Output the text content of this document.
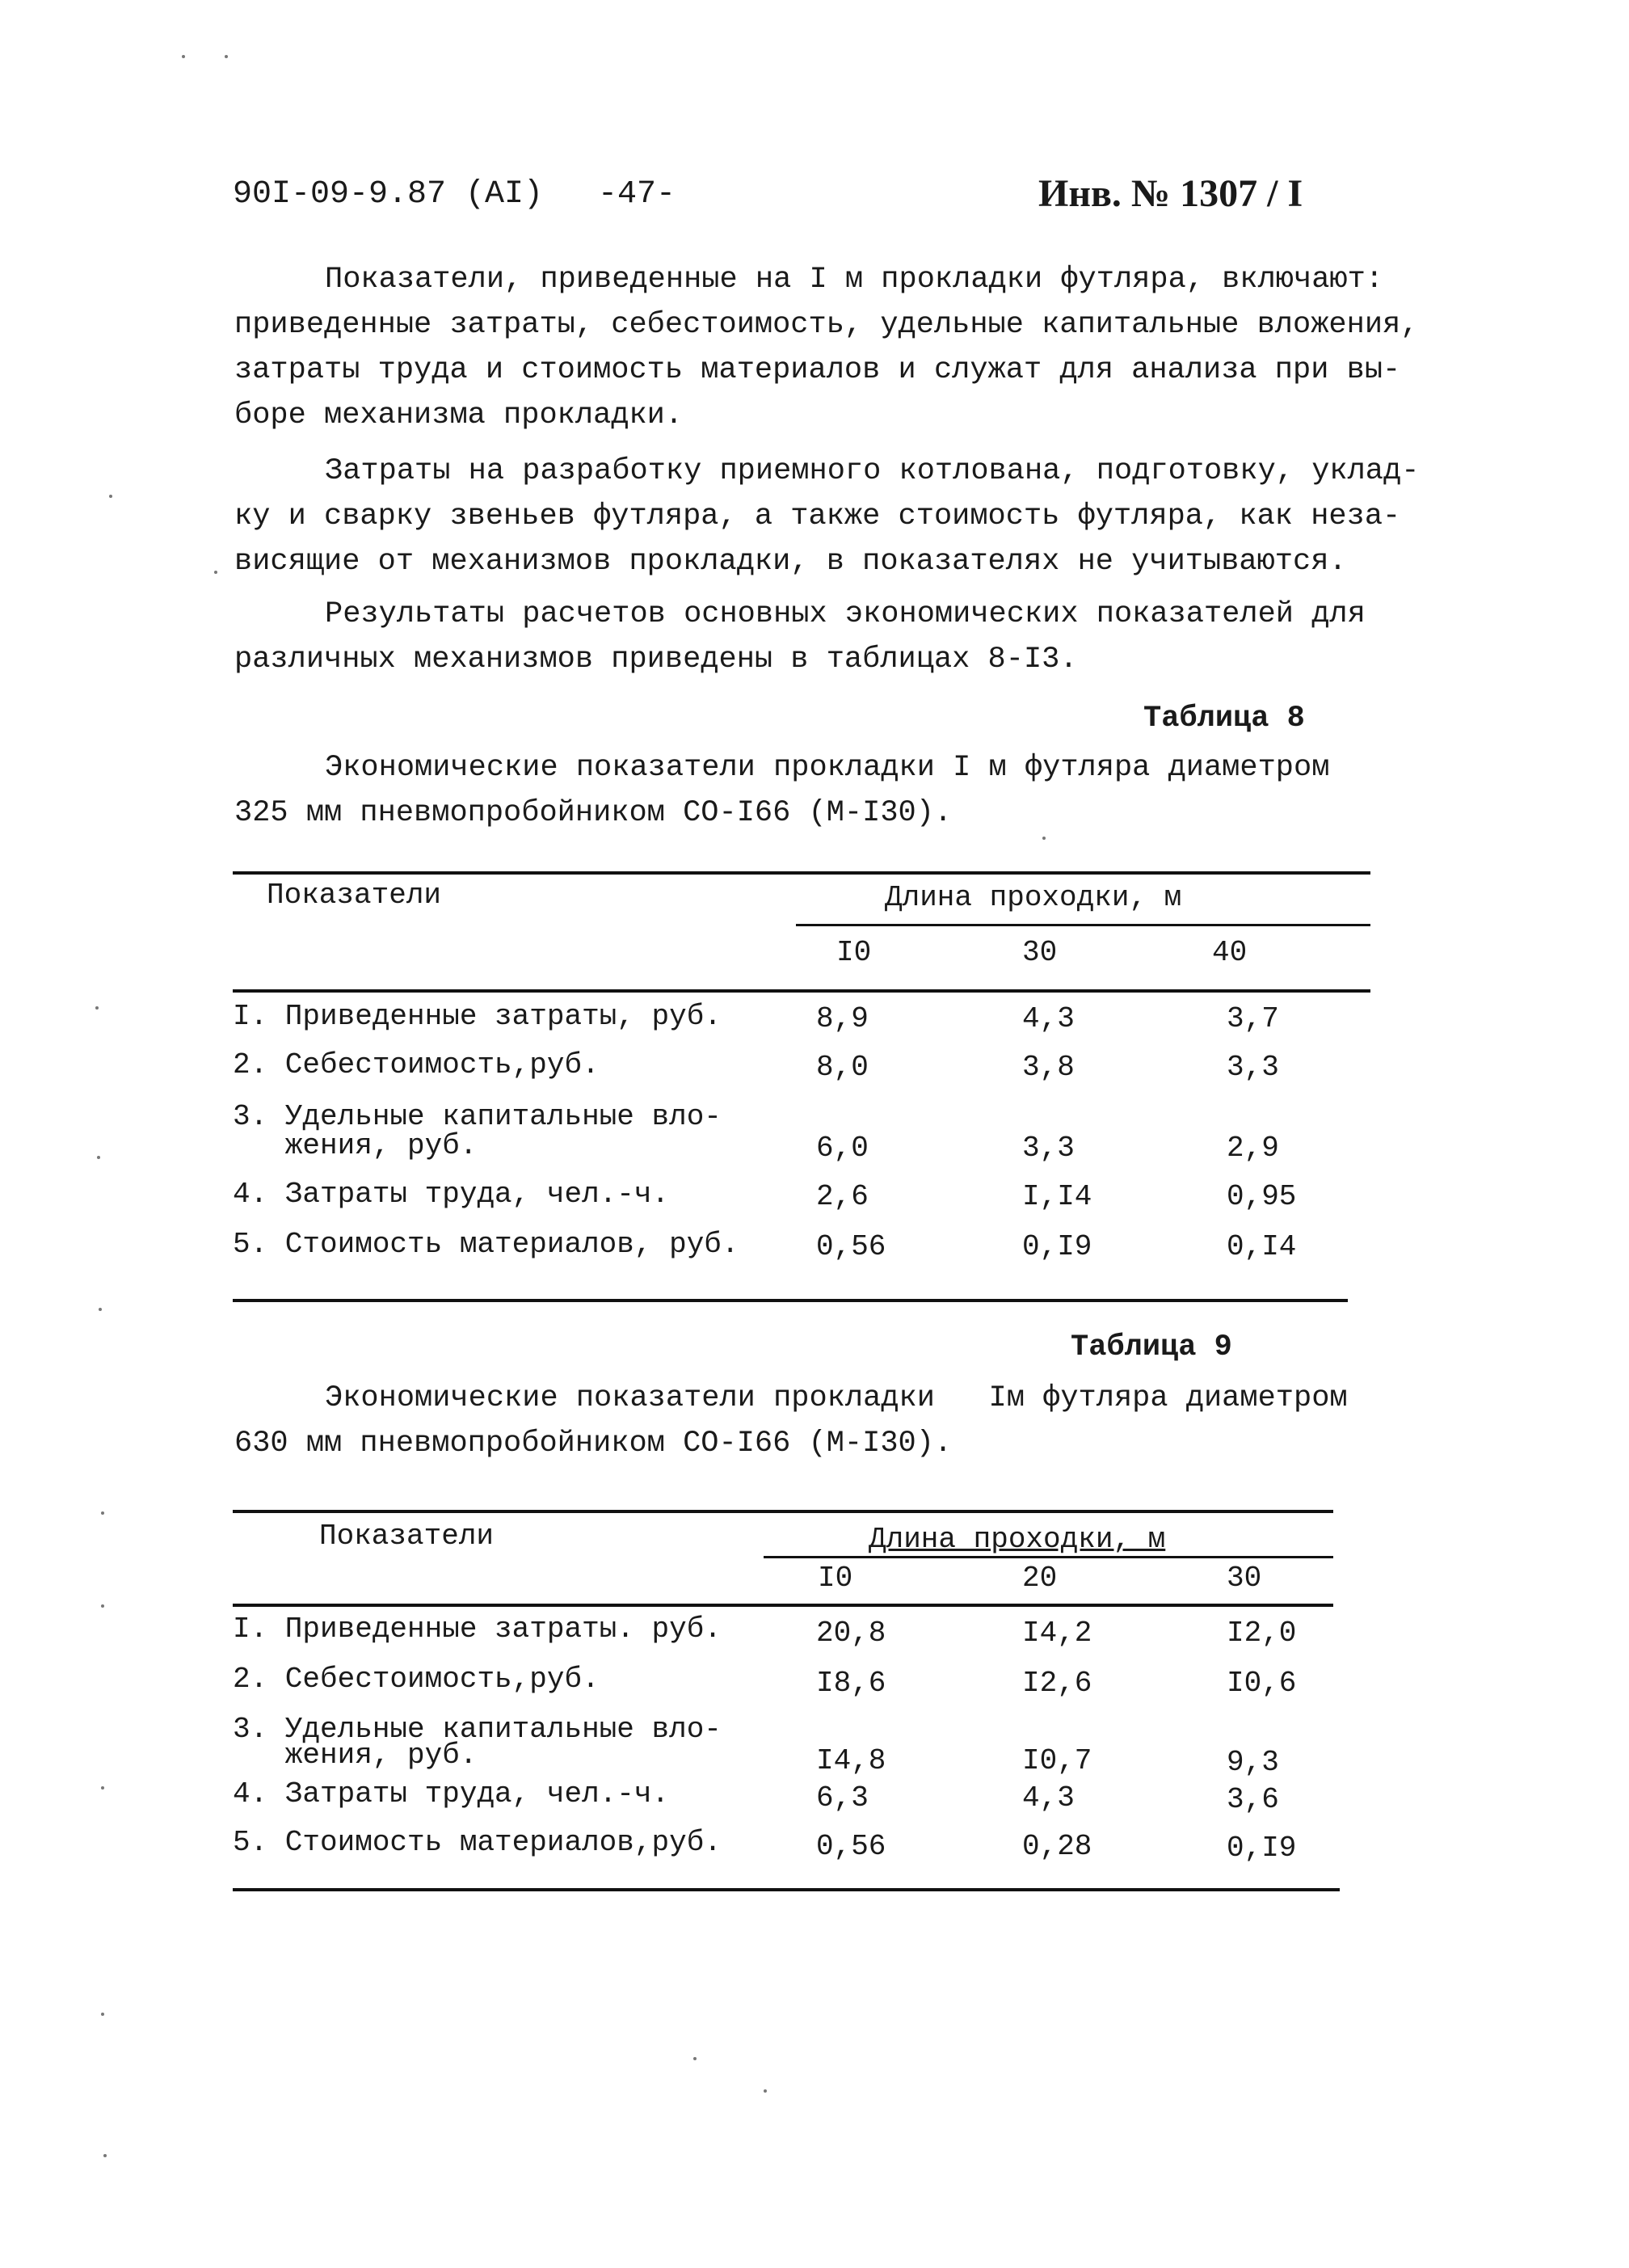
90I-09-9.87 (AI) -47-	Инв. № 1307 / I

Показатели, приведенные на I м прокладки футляра, включают:

приведенные затраты, себестоимость, удельные капитальные вложения,

затраты труда и стоимость материалов и служат для анализа при вы-

боре механизма прокладки.

Затраты на разработку приемного котлована, подготовку, уклад-

ку и сварку звеньев футляра, а также стоимость футляра, как неза-

висящие от механизмов прокладки, в показателях не учитываются.

Результаты расчетов основных экономических показателей для

различных механизмов приведены в таблицах 8-I3.

Таблица 8

Экономические показатели прокладки I м футляра диаметром

325 мм пневмопробойником СО-I66 (М-I30).

Показатели	Длина проходки, м
I0	30	40
I. Приведенные затраты, руб.	8,9	4,3	3,7
2. Себестоимость,руб.	8,0	3,8	3,3
3. Удельные капитальные вло-
жения, руб.	6,0	3,3	2,9
4. Затраты труда, чел.-ч.	2,6	I,I4	0,95
5. Стоимость материалов, руб.	0,56	0,I9	0,I4
Таблица 9

Экономические показатели прокладки   Iм футляра диаметром

630 мм пневмопробойником СО-I66 (М-I30).

Показатели	Длина проходки, м
I0	20	30
I. Приведенные затраты. руб.	20,8	I4,2	I2,0
2. Себестоимость,руб.	I8,6	I2,6	I0,6
3. Удельные капитальные вло-
жения, руб.	I4,8	I0,7	9,3
4. Затраты труда, чел.-ч.	6,3	4,3	3,6
5. Стоимость материалов,руб.	0,56	0,28	0,I9
